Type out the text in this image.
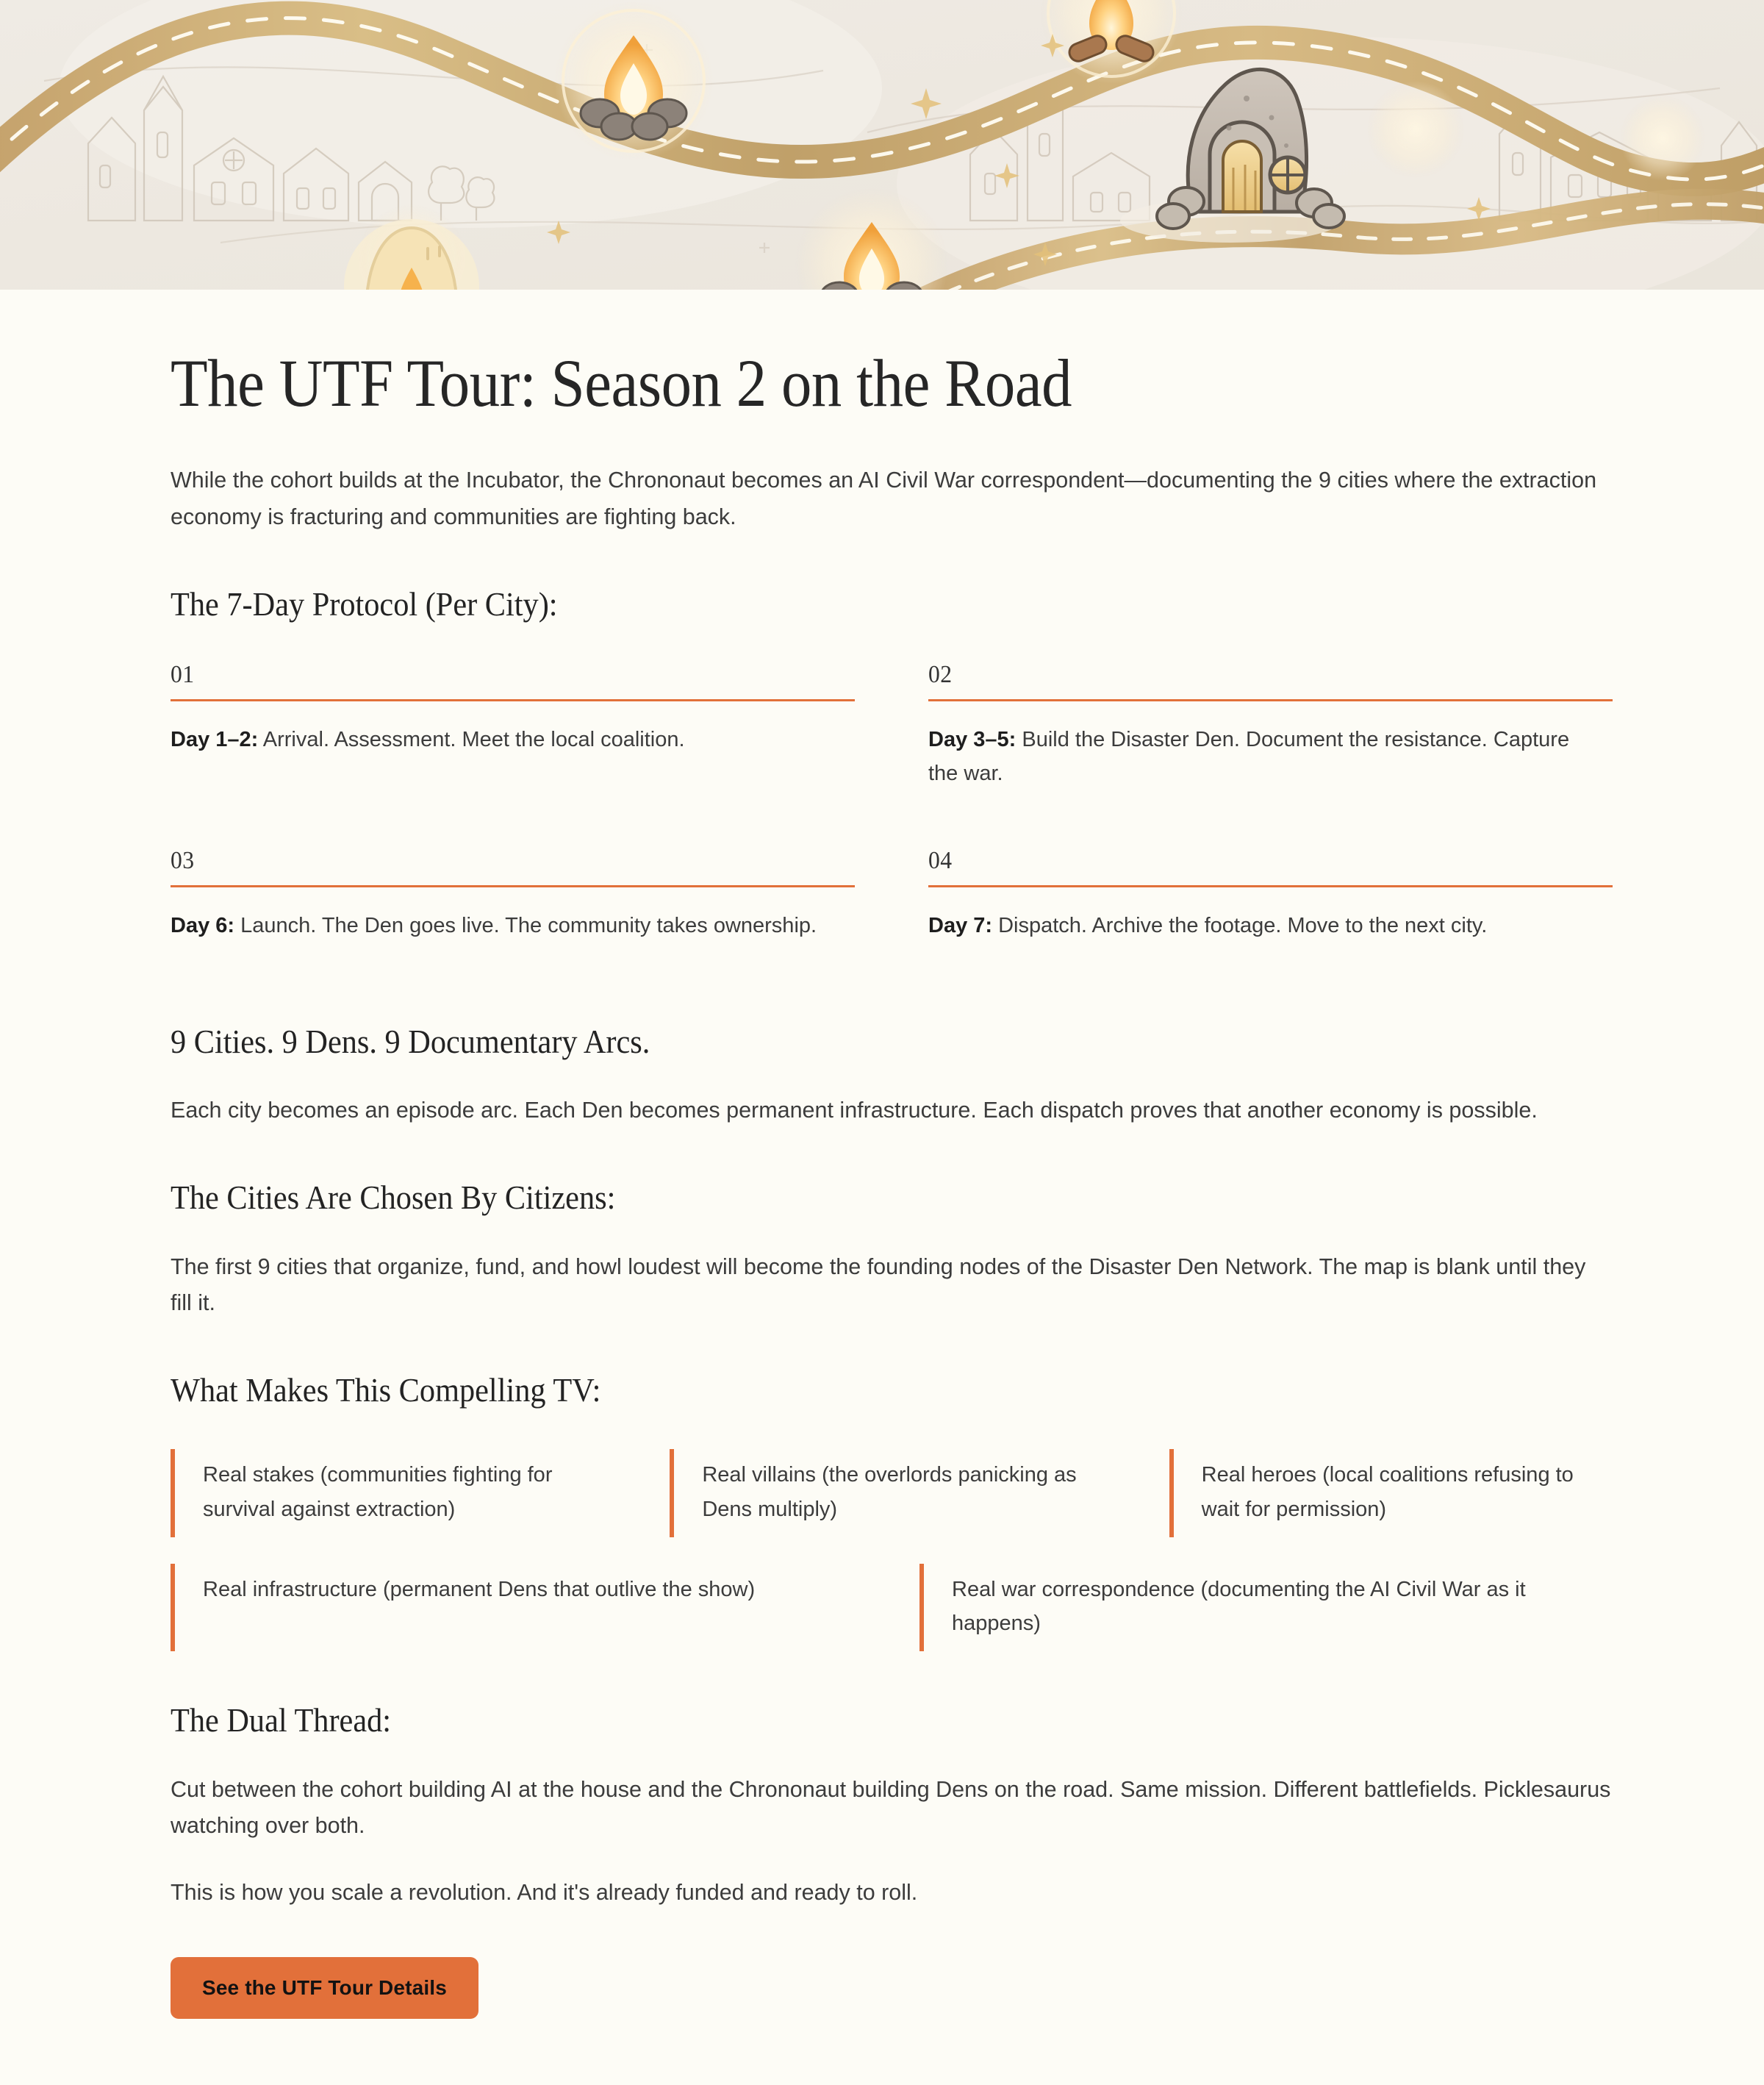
The UTF Tour: Season 2 on the Road

While the cohort builds at the Incubator, the Chrononaut becomes an AI Civil War correspondent—documenting the 9 cities where the extraction economy is fracturing and communities are fighting back.

The 7-Day Protocol (Per City):
01
Day 1–2: Arrival. Assessment. Meet the local coalition.
02
Day 3–5: Build the Disaster Den. Document the resistance. Capture the war.
03
Day 6: Launch. The Den goes live. The community takes ownership.
04
Day 7: Dispatch. Archive the footage. Move to the next city.
9 Cities. 9 Dens. 9 Documentary Arcs.

Each city becomes an episode arc. Each Den becomes permanent infrastructure. Each dispatch proves that another economy is possible.

The Cities Are Chosen By Citizens:

The first 9 cities that organize, fund, and howl loudest will become the founding nodes of the Disaster Den Network. The map is blank until they fill it.

What Makes This Compelling TV:
Real stakes (communities fighting for survival against extraction)
Real villains (the overlords panicking as Dens multiply)
Real heroes (local coalitions refusing to wait for permission)
Real infrastructure (permanent Dens that outlive the show)	Real war correspondence (documenting the AI Civil War as it happens)
The Dual Thread:

Cut between the cohort building AI at the house and the Chrononaut building Dens on the road. Same mission. Different battlefields. Picklesaurus watching over both.

This is how you scale a revolution. And it's already funded and ready to roll.

See the UTF Tour Details
